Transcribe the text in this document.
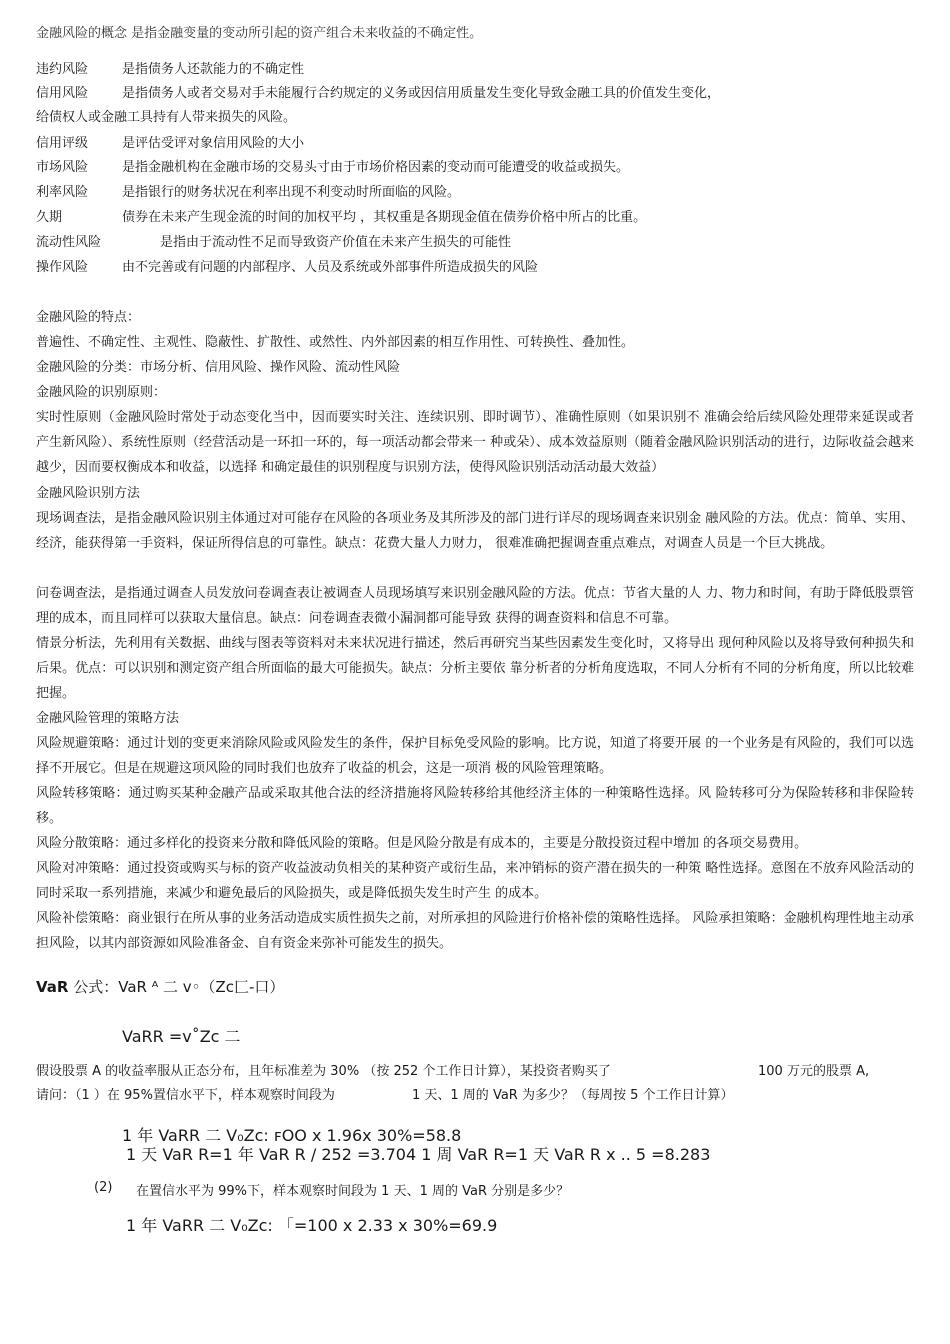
金融风险的概念 是指金融变量的变动所引起的资产组合未来收益的不确定性。
违约风险	是指债务人还款能力的不确定性
信用风险	是指债务人或者交易对手未能履行合约规定的义务或因信用质量发生变化导致金融工具的价值发生变化，
给债权人或金融工具持有人带来损失的风险。
信用评级	是评估受评对象信用风险的大小
市场风险	是指金融机构在金融市场的交易头寸由于市场价格因素的变动而可能遭受的收益或损失。
利率风险	是指银行的财务状况在利率出现不利变动时所面临的风险。
久期	债券在未来产生现金流的时间的加权平均 ，其权重是各期现金值在债券价格中所占的比重。
流动性风险	是指由于流动性不足而导致资产价值在未来产生损失的可能性
操作风险	由不完善或有问题的内部程序、人员及系统或外部事件所造成损失的风险
金融风险的特点：
普遍性、不确定性、主观性、隐蔽性、扩散性、或然性、内外部因素的相互作用性、可转换性、叠加性。
金融风险的分类：市场分析、信用风险、操作风险、流动性风险
金融风险的识别原则：
实时性原则（金融风险时常处于动态变化当中，因而要实时关注、连续识别、即时调节）、准确性原则（如果识别不 准确会给后续风险处理带来延误或者产生新风险）、系统性原则（经营活动是一环扣一环的，每一项活动都会带来一 种或朵）、成本效益原则（随着金融风险识别活动的进行，边际收益会越来越少，因而要权衡成本和收益，以选择 和确定最佳的识别程度与识别方法，使得风险识别活动活动最大效益）
金融风险识别方法
现场调查法，是指金融风险识别主体通过对可能存在风险的各项业务及其所涉及的部门进行详尽的现场调查来识别金 融风险的方法。优点：简单、实用、经济，能获得第一手资料，保证所得信息的可靠性。缺点：花费大量人力财力， 很难准确把握调查重点难点，对调查人员是一个巨大挑战。
问卷调查法，是指通过调查人员发放问卷调查表让被调查人员现场填写来识别金融风险的方法。优点：节省大量的人 力、物力和时间，有助于降低股票管理的成本，而且同样可以获取大量信息。缺点：问卷调查表微小漏洞都可能导致 获得的调查资料和信息不可靠。
情景分析法，先利用有关数据、曲线与图表等资料对未来状况进行描述，然后再研究当某些因素发生变化时，又将导出 现何种风险以及将导致何种损失和后果。优点：可以识别和测定资产组合所面临的最大可能损失。缺点：分析主要依 靠分析者的分析角度选取，不同人分析有不同的分析角度，所以比较难把握。
金融风险管理的策略方法
风险规避策略：通过计划的变更来消除风险或风险发生的条件，保护目标免受风险的影响。比方说，知道了将要开展 的一个业务是有风险的，我们可以选择不开展它。但是在规避这项风险的同时我们也放弃了收益的机会，这是一项消 极的风险管理策略。
风险转移策略：通过购买某种金融产品或采取其他合法的经济措施将风险转移给其他经济主体的一种策略性选择。风 险转移可分为保险转移和非保险转移。
风险分散策略：通过多样化的投资来分散和降低风险的策略。但是风险分散是有成本的，主要是分散投资过程中增加 的各项交易费用。
风险对冲策略：通过投资或购买与标的资产收益波动负相关的某种资产或衍生品，来冲销标的资产潜在损失的一种策 略性选择。意图在不放弃风险活动的同时采取一系列措施，来减少和避免最后的风险损失，或是降低损失发生时产生 的成本。
风险补偿策略：商业银行在所从事的业务活动造成实质性损失之前，对所承担的风险进行价格补偿的策略性选择。 风险承担策略：金融机构理性地主动承担风险，以其内部资源如风险准备金、自有资金来弥补可能发生的损失。
VaR 公式：VaR ᴬ 二 v◦（Zc匚-口）
VaRR =v˚Zc 二
假设股票 A 的收益率服从正态分布，且年标准差为 30% （按 252 个工作日计算），某投资者购买了	100 万元的股票 A,
请问：（1 ）在 95%置信水平下，样本观察时间段为	1 天、1 周的 VaR 为多少？（每周按 5 个工作日计算）
1 年 VaRR 二 V₀Zc: ꜰOO x 1.96x 30%=58.8
1 天 VaR R=1 年 VaR R / 252 =3.704 1 周 VaR R=1 天 VaR R x .. 5 =8.283
(2) 在置信水平为 99%下，样本观察时间段为 1 天、1 周的 VaR 分别是多少？
1 年 VaRR 二 V₀Zc: 「=100 x 2.33 x 30%=69.9
